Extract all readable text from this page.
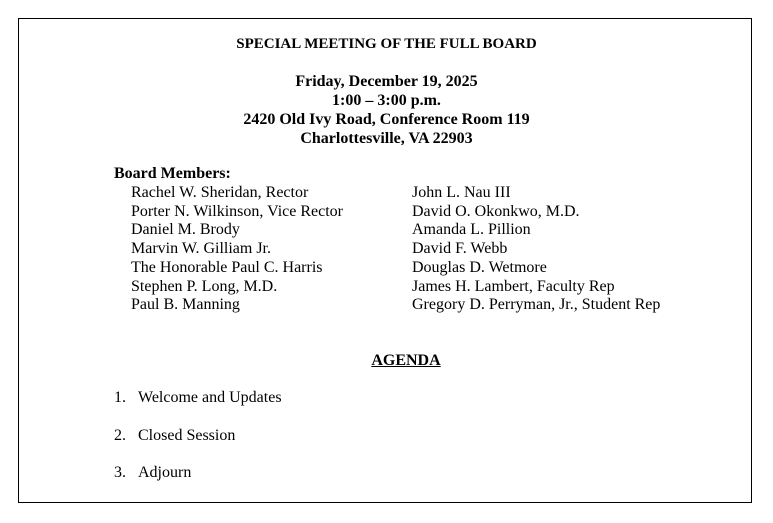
SPECIAL MEETING OF THE FULL BOARD
Friday, December 19, 2025
1:00 – 3:00 p.m.
2420 Old Ivy Road, Conference Room 119
Charlottesville, VA 22903
Board Members:
Rachel W. Sheridan, Rector
Porter N. Wilkinson, Vice Rector
Daniel M. Brody
Marvin W. Gilliam Jr.
The Honorable Paul C. Harris
Stephen P. Long, M.D.
Paul B. Manning
John L. Nau III
David O. Okonkwo, M.D.
Amanda L. Pillion
David F. Webb
Douglas D. Wetmore
James H. Lambert, Faculty Rep
Gregory D. Perryman, Jr., Student Rep
AGENDA
1. Welcome and Updates
2. Closed Session
3. Adjourn
